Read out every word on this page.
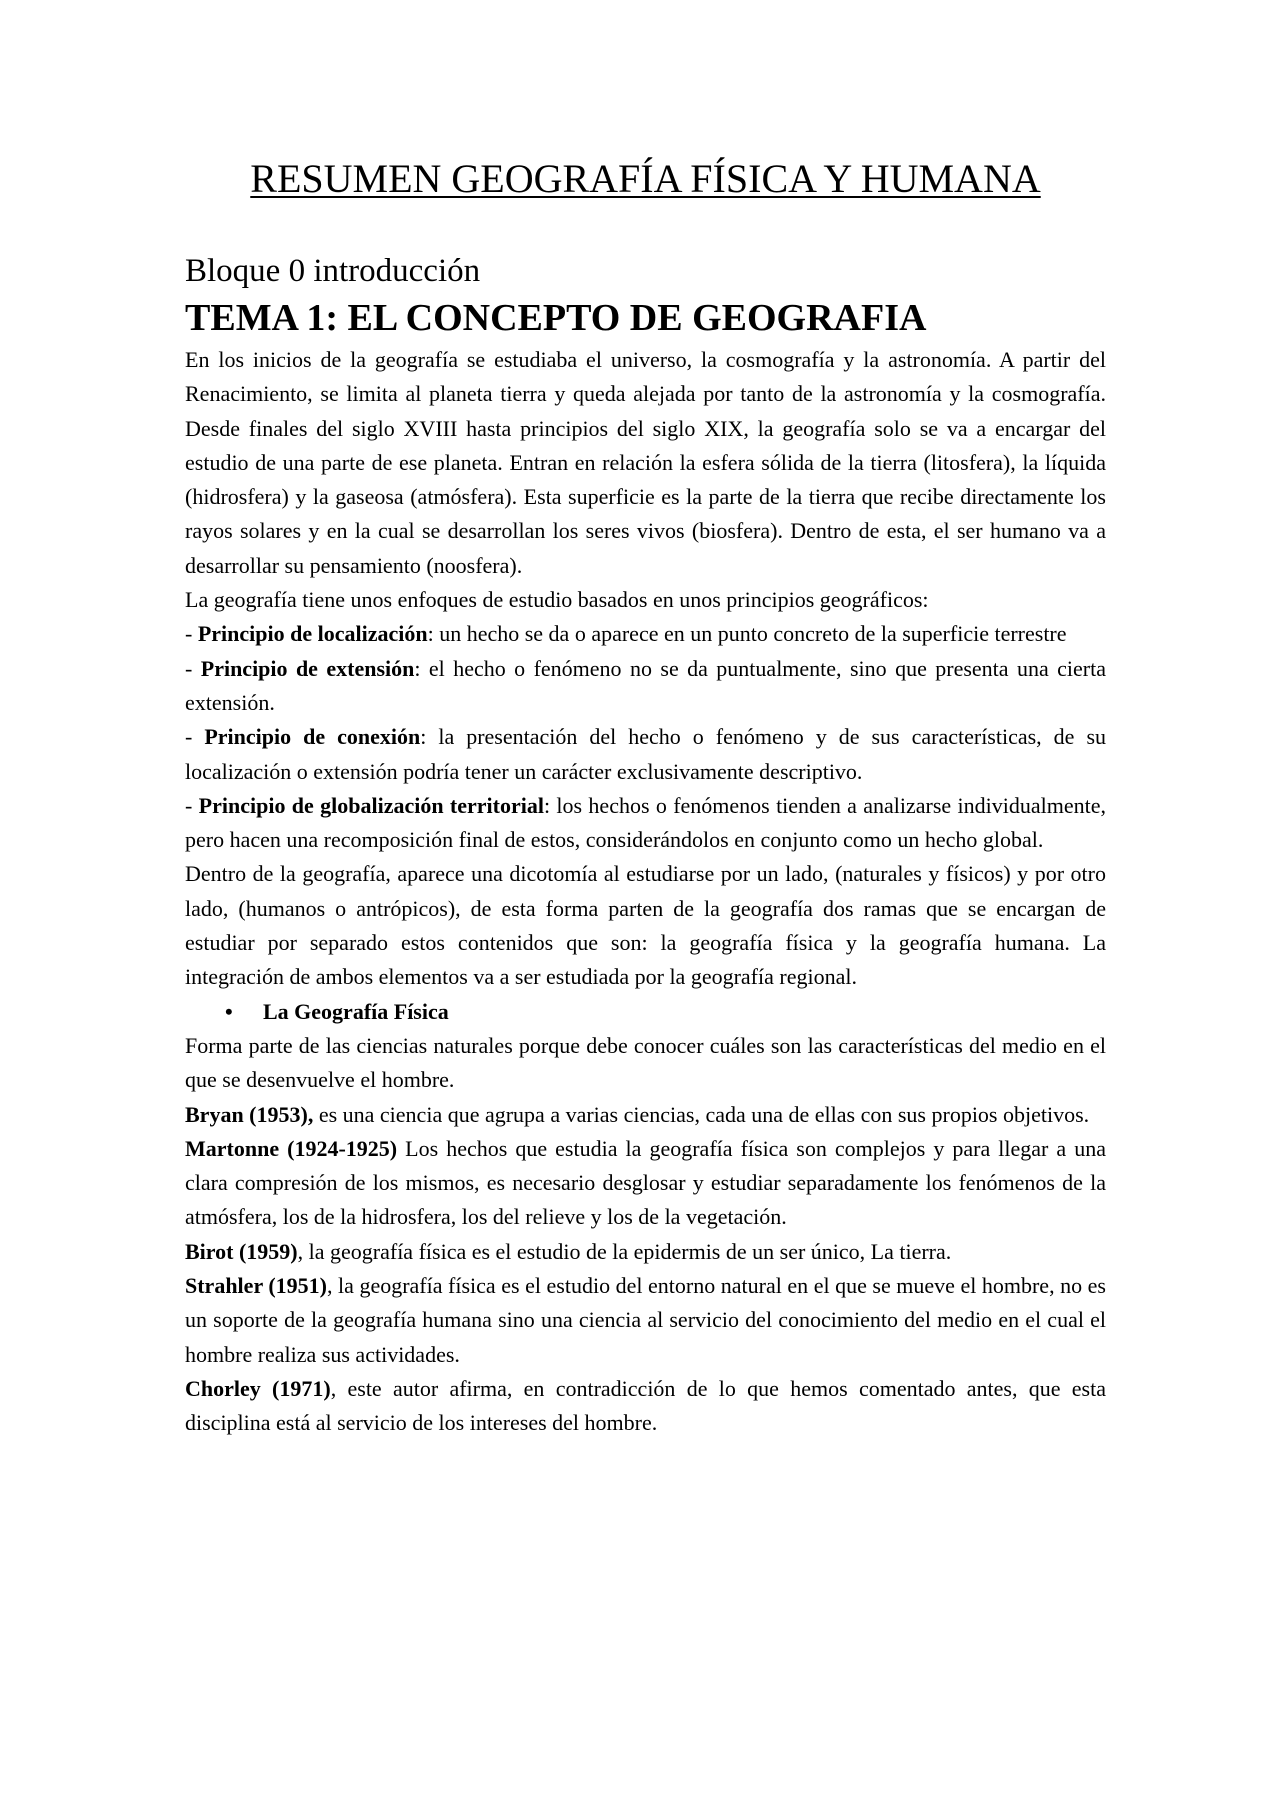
RESUMEN GEOGRAFÍA FÍSICA Y HUMANA
Bloque 0 introducción
TEMA 1: EL CONCEPTO DE GEOGRAFIA

En los inicios de la geografía se estudiaba el universo, la cosmografía y la astronomía. A partir del Renacimiento, se limita al planeta tierra y queda alejada por tanto de la astronomía y la cosmografía. Desde finales del siglo XVIII hasta principios del siglo XIX, la geografía solo se va a encargar del estudio de una parte de ese planeta. Entran en relación la esfera sólida de la tierra (litosfera), la líquida (hidrosfera) y la gaseosa (atmósfera). Esta superficie es la parte de la tierra que recibe directamente los rayos solares y en la cual se desarrollan los seres vivos (biosfera). Dentro de esta, el ser humano va a desarrollar su pensamiento (noosfera).

La geografía tiene unos enfoques de estudio basados en unos principios geográficos:

- Principio de localización: un hecho se da o aparece en un punto concreto de la superficie terrestre

- Principio de extensión: el hecho o fenómeno no se da puntualmente, sino que presenta una cierta extensión.

- Principio de conexión: la presentación del hecho o fenómeno y de sus características, de su localización o extensión podría tener un carácter exclusivamente descriptivo.

- Principio de globalización territorial: los hechos o fenómenos tienden a analizarse individualmente, pero hacen una recomposición final de estos, considerándolos en conjunto como un hecho global.

Dentro de la geografía, aparece una dicotomía al estudiarse por un lado, (naturales y físicos) y por otro lado, (humanos o antrópicos), de esta forma parten de la geografía dos ramas que se encargan de estudiar por separado estos contenidos que son: la geografía física y la geografía humana. La integración de ambos elementos va a ser estudiada por la geografía regional.

•	La Geografía Física

Forma parte de las ciencias naturales porque debe conocer cuáles son las características del medio en el que se desenvuelve el hombre.

Bryan (1953), es una ciencia que agrupa a varias ciencias, cada una de ellas con sus propios objetivos.

Martonne (1924-1925) Los hechos que estudia la geografía física son complejos y para llegar a una clara compresión de los mismos, es necesario desglosar y estudiar separadamente los fenómenos de la atmósfera, los de la hidrosfera, los del relieve y los de la vegetación.

Birot (1959), la geografía física es el estudio de la epidermis de un ser único, La tierra.

Strahler (1951), la geografía física es el estudio del entorno natural en el que se mueve el hombre, no es un soporte de la geografía humana sino una ciencia al servicio del conocimiento del medio en el cual el hombre realiza sus actividades.

Chorley (1971), este autor afirma, en contradicción de lo que hemos comentado antes, que esta disciplina está al servicio de los intereses del hombre.
